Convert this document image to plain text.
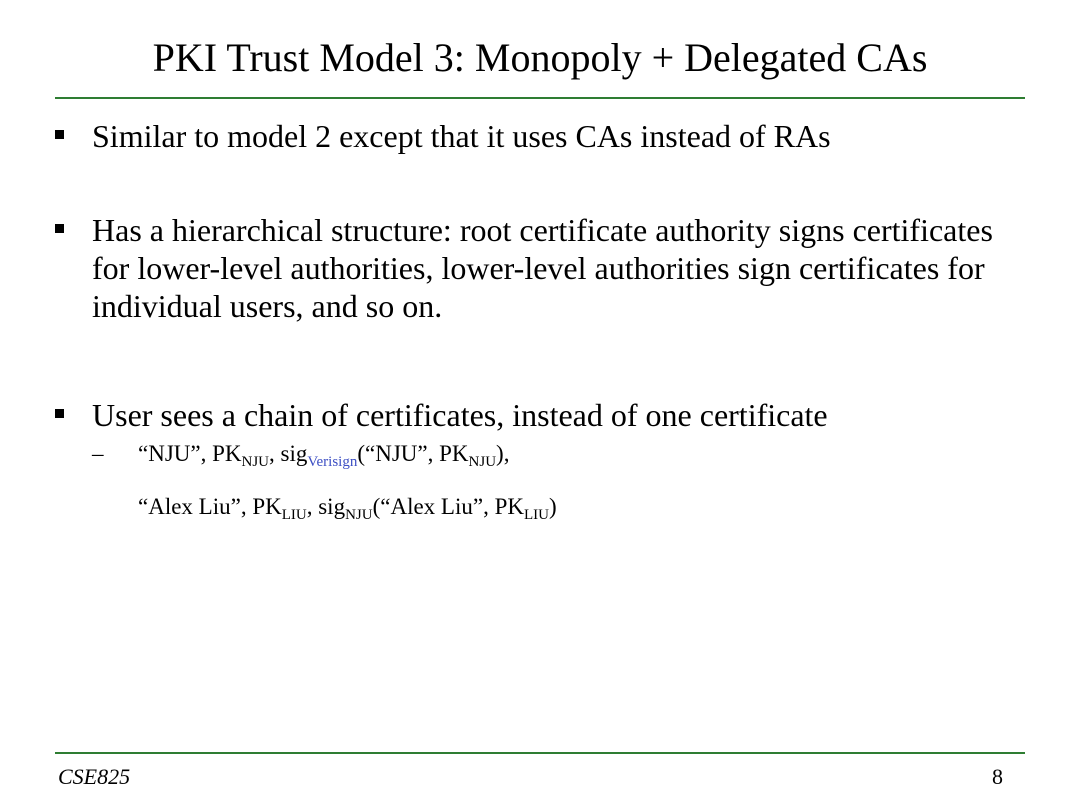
PKI Trust Model 3: Monopoly + Delegated CAs
Similar to model 2 except that it uses CAs instead of RAs
Has a hierarchical structure: root certificate authority signs certificates for lower-level authorities, lower-level authorities sign certificates for individual users, and so on.
User sees a chain of certificates, instead of one certificate
– “NJU”, $PK_{NJU}$, sig$_{Verisign}$(“NJU”, $PK_{NJU}$),
“Alex Liu”, $PK_{LIU}$, sig$_{NJU}$(“Alex Liu”, $PK_{LIU}$)
CSE825	8
